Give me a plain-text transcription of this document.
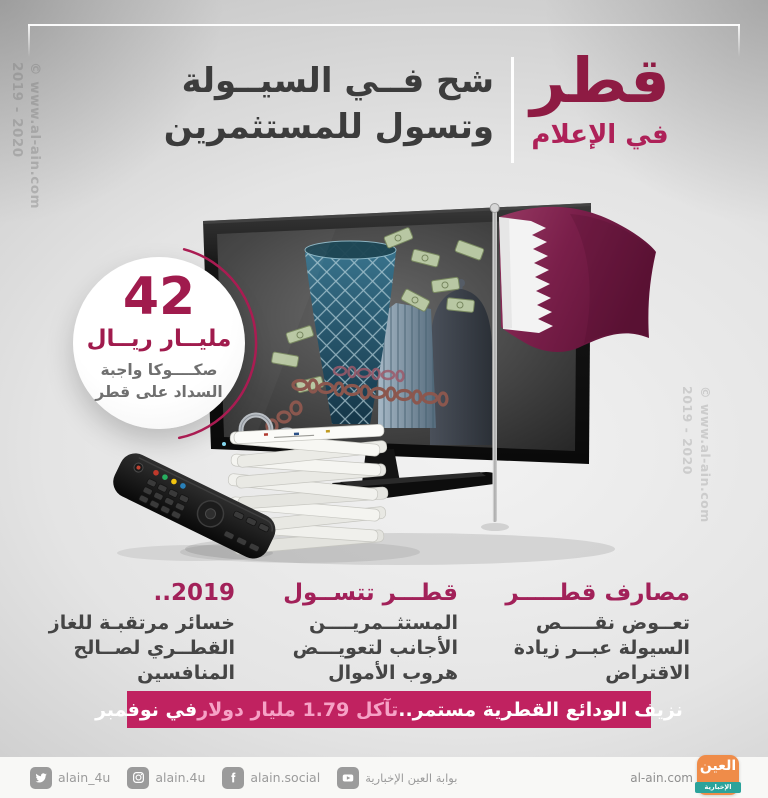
© www.al-ain.com
2019 - 2020
© www.al-ain.com
2019 - 2020
شح فــي السيــولة
وتسول للمستثمرين
قطر
في الإعلام
42
مليــار ريــال
صكــــوكا واجبة
السداد على قطر
مصارف قطـــــر
تعــوض نقـــــص
السيولة عبــر زيادة
الاقتراض
قطـــر تتســول
المستثــمريــــن
الأجانب لتعويـــض
هروب الأموال
2019..
خسائر مرتقبـة للغاز
القطــري لصــالح
المنافسين
نزيف الودائع القطرية مستمر..
تآكل 1.79 مليار دولار
في نوفمبر
alain_4u	alain.4u	alain.social	بوابة العين الإخبارية	al-ain.com
العين
الإخبارية
